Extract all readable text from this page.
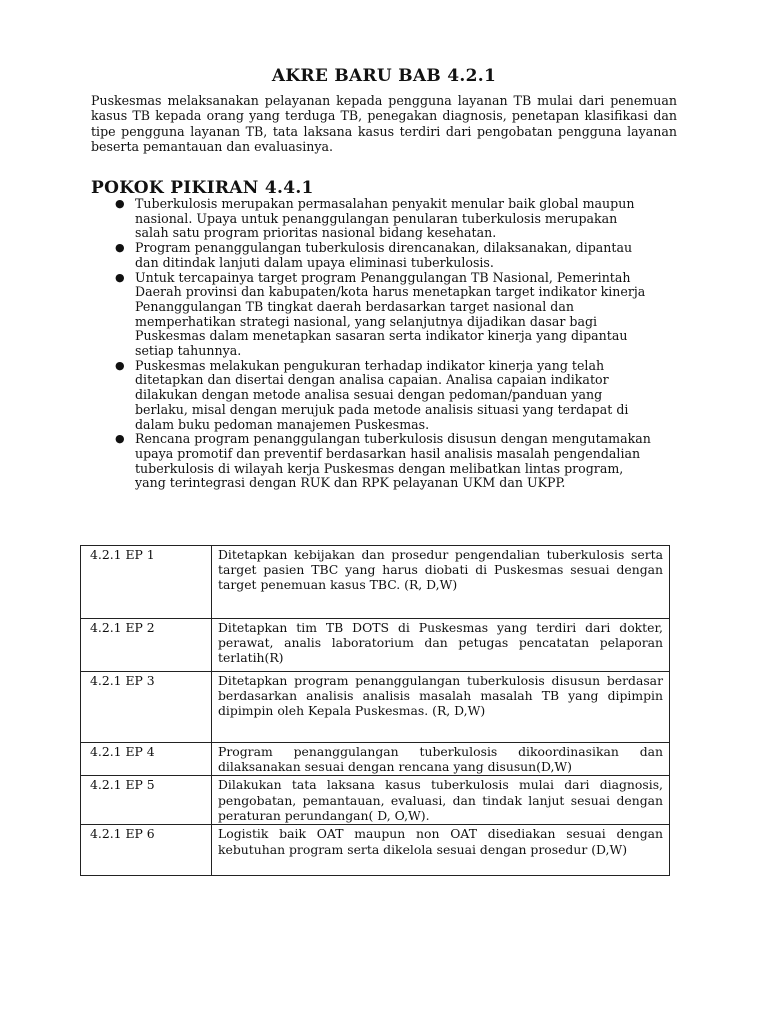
AKRE BARU BAB 4.2.1
Puskesmas melaksanakan pelayanan kepada pengguna layanan TB mulai dari penemuan kasus TB kepada orang yang terduga TB, penegakan diagnosis, penetapan klasifikasi dan tipe pengguna layanan TB, tata laksana kasus terdiri dari pengobatan pengguna layanan beserta pemantauan dan evaluasinya.
POKOK PIKIRAN 4.4.1
● Tuberkulosis merupakan permasalahan penyakit menular baik global maupun nasional. Upaya untuk penanggulangan penularan tuberkulosis merupakan salah satu program prioritas nasional bidang kesehatan.
● Program penanggulangan tuberkulosis direncanakan, dilaksanakan, dipantau dan ditindak lanjuti dalam upaya eliminasi tuberkulosis.
● Untuk tercapainya target program Penanggulangan TB Nasional, Pemerintah Daerah provinsi dan kabupaten/kota harus menetapkan target indikator kinerja Penanggulangan TB tingkat daerah berdasarkan target nasional dan memperhatikan strategi nasional, yang selanjutnya dijadikan dasar bagi Puskesmas dalam menetapkan sasaran serta indikator kinerja yang dipantau setiap tahunnya.
● Puskesmas melakukan pengukuran terhadap indikator kinerja yang telah ditetapkan dan disertai dengan analisa capaian. Analisa capaian indikator dilakukan dengan metode analisa sesuai dengan pedoman/panduan yang berlaku, misal dengan merujuk pada metode analisis situasi yang terdapat di dalam buku pedoman manajemen Puskesmas.
● Rencana program penanggulangan tuberkulosis disusun dengan mengutamakan upaya promotif dan preventif berdasarkan hasil analisis masalah pengendalian tuberkulosis di wilayah kerja Puskesmas dengan melibatkan lintas program, yang terintegrasi dengan RUK dan RPK pelayanan UKM dan UKPP.
4.2.1 EP 1	Ditetapkan kebijakan dan prosedur pengendalian tuberkulosis serta target pasien TBC yang harus diobati di Puskesmas sesuai dengan target penemuan kasus TBC. (R, D,W)
4.2.1 EP 2	Ditetapkan tim TB DOTS di Puskesmas yang terdiri dari dokter, perawat, analis laboratorium dan petugas pencatatan pelaporan terlatih(R)
4.2.1 EP 3	Ditetapkan program penanggulangan tuberkulosis disusun berdasar berdasarkan analisis analisis masalah masalah TB yang dipimpin dipimpin oleh Kepala Puskesmas. (R, D,W)
4.2.1 EP 4	Program penanggulangan tuberkulosis dikoordinasikan dan dilaksanakan sesuai dengan rencana yang disusun(D,W)
4.2.1 EP 5	Dilakukan tata laksana kasus tuberkulosis mulai dari diagnosis, pengobatan, pemantauan, evaluasi, dan tindak lanjut sesuai dengan peraturan perundangan( D, O,W).
4.2.1 EP 6	Logistik baik OAT maupun non OAT disediakan sesuai dengan kebutuhan program serta dikelola sesuai dengan prosedur (D,W)
